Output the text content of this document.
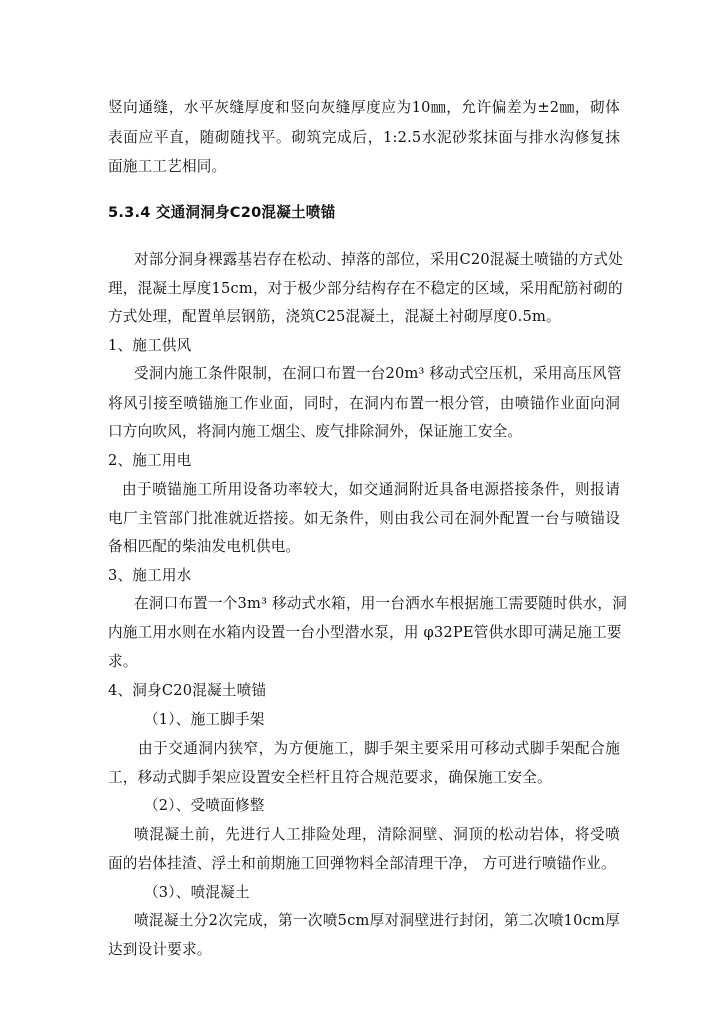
竖向通缝，水平灰缝厚度和竖向灰缝厚度应为10㎜，允许偏差为±2㎜，砌体
表面应平直，随砌随找平。砌筑完成后，1:2.5水泥砂浆抹面与排水沟修复抹
面施工工艺相同。
5.3.4 交通洞洞身C20混凝土喷锚
对部分洞身裸露基岩存在松动、掉落的部位，采用C20混凝土喷锚的方式处
理，混凝土厚度15cm，对于极少部分结构存在不稳定的区域，采用配筋衬砌的
方式处理，配置单层钢筋，浇筑C25混凝土，混凝土衬砌厚度0.5m。
1、施工供风
受洞内施工条件限制，在洞口布置一台20m³ 移动式空压机，采用高压风管
将风引接至喷锚施工作业面，同时，在洞内布置一根分管，由喷锚作业面向洞
口方向吹风，将洞内施工烟尘、废气排除洞外，保证施工安全。
2、施工用电
由于喷锚施工所用设备功率较大，如交通洞附近具备电源搭接条件，则报请
电厂主管部门批准就近搭接。如无条件，则由我公司在洞外配置一台与喷锚设
备相匹配的柴油发电机供电。
3、施工用水
在洞口布置一个3m³ 移动式水箱，用一台洒水车根据施工需要随时供水，洞
内施工用水则在水箱内设置一台小型潜水泵，用 φ32PE管供水即可满足施工要
求。
4、洞身C20混凝土喷锚
（1）、施工脚手架
由于交通洞内狭窄，为方便施工，脚手架主要采用可移动式脚手架配合施
工，移动式脚手架应设置安全栏杆且符合规范要求，确保施工安全。
（2）、受喷面修整
喷混凝土前，先进行人工排险处理，清除洞壁、洞顶的松动岩体，将受喷
面的岩体挂渣、浮土和前期施工回弹物料全部清理干净， 方可进行喷锚作业。
（3）、喷混凝土
喷混凝土分2次完成，第一次喷5cm厚对洞壁进行封闭，第二次喷10cm厚
达到设计要求。
